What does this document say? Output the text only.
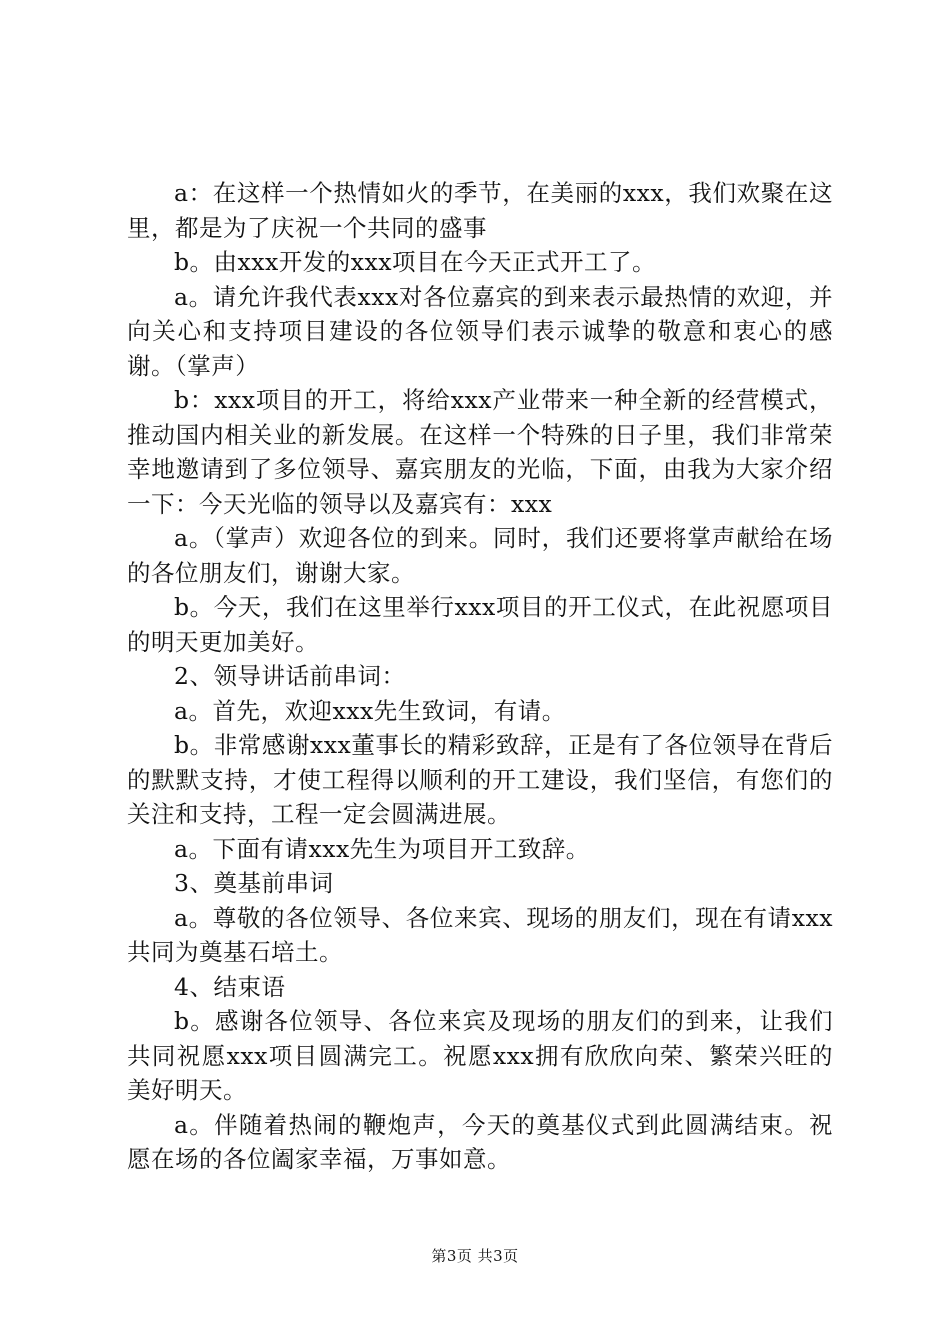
a：在这样一个热情如火的季节，在美丽的xxx，我们欢聚在这里，都是为了庆祝一个共同的盛事

b。由xxx开发的xxx项目在今天正式开工了。

a。请允许我代表xxx对各位嘉宾的到来表示最热情的欢迎，并向关心和支持项目建设的各位领导们表示诚挚的敬意和衷心的感谢。（掌声）

b：xxx项目的开工，将给xxx产业带来一种全新的经营模式，推动国内相关业的新发展。在这样一个特殊的日子里，我们非常荣幸地邀请到了多位领导、嘉宾朋友的光临，下面，由我为大家介绍一下：今天光临的领导以及嘉宾有：xxx

a。（掌声）欢迎各位的到来。同时，我们还要将掌声献给在场的各位朋友们，谢谢大家。

b。今天，我们在这里举行xxx项目的开工仪式，在此祝愿项目的明天更加美好。

2、领导讲话前串词：

a。首先，欢迎xxx先生致词，有请。

b。非常感谢xxx董事长的精彩致辞，正是有了各位领导在背后的默默支持，才使工程得以顺利的开工建设，我们坚信，有您们的关注和支持，工程一定会圆满进展。

a。下面有请xxx先生为项目开工致辞。

3、奠基前串词

a。尊敬的各位领导、各位来宾、现场的朋友们，现在有请xxx共同为奠基石培土。

4、结束语

b。感谢各位领导、各位来宾及现场的朋友们的到来，让我们共同祝愿xxx项目圆满完工。祝愿xxx拥有欣欣向荣、繁荣兴旺的美好明天。

a。伴随着热闹的鞭炮声，今天的奠基仪式到此圆满结束。祝愿在场的各位阖家幸福，万事如意。

第3页 共3页
